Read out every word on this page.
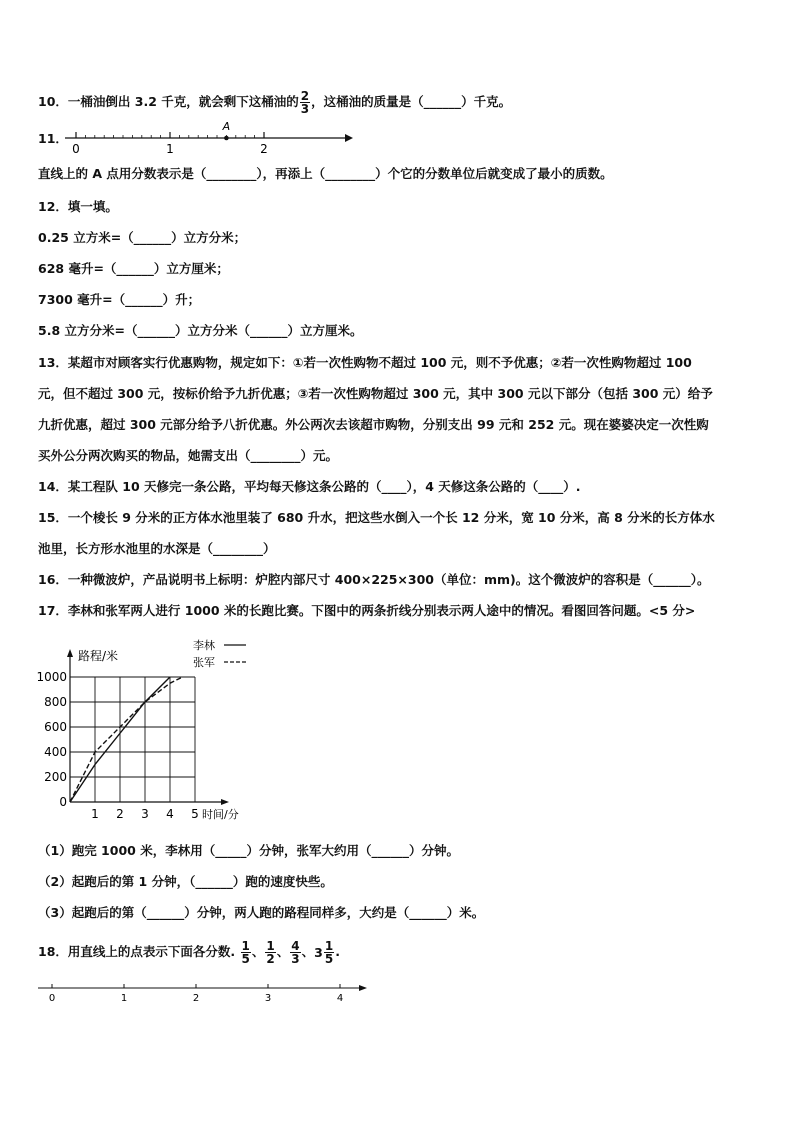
10．一桶油倒出 3.2 千克，就会剩下这桶油的 $\frac{2}{3}$ ，这桶油的质量是（______）千克。
11．
A
0	1	2
直线上的 A 点用分数表示是（________），再添上（________）个它的分数单位后就变成了最小的质数。
12．填一填。
0.25 立方米=（______）立方分米；
628 毫升=（______）立方厘米；
7300 毫升=（______）升；
5.8 立方分米=（______）立方分米（______）立方厘米。
13．某超市对顾客实行优惠购物，规定如下：①若一次性购物不超过 100 元，则不予优惠；②若一次性购物超过 100
元，但不超过 300 元，按标价给予九折优惠；③若一次性购物超过 300 元，其中 300 元以下部分（包括 300 元）给予
九折优惠，超过 300 元部分给予八折优惠。外公两次去该超市购物，分别支出 99 元和 252 元。现在婆婆决定一次性购
买外公分两次购买的物品，她需支出（________）元。
14．某工程队 10 天修完一条公路，平均每天修这条公路的（____），4 天修这条公路的（____）.
15．一个棱长 9 分米的正方体水池里装了 680 升水，把这些水倒入一个长 12 分米，宽 10 分米，高 8 分米的长方体水
池里，长方形水池里的水深是（________）
16．一种微波炉，产品说明书上标明：炉腔内部尺寸 400×225×300（单位：mm)。这个微波炉的容积是（______）。
17．李林和张军两人进行 1000 米的长跑比赛。下图中的两条折线分别表示两人途中的情况。看图回答问题。<5 分>
0
200
400
600
800
1000
1 2 3 4 5
路程/米
时间/分
李林
张军
（1）跑完 1000 米，李林用（_____）分钟，张军大约用（______）分钟。
（2）起跑后的第 1 分钟，（______）跑的速度快些。
（3）起跑后的第（______）分钟，两人跑的路程同样多，大约是（______）米。
18．用直线上的点表示下面各分数. $\frac{1}{5}$ 、 $\frac{1}{2}$ 、 $\frac{4}{3}$ 、 $3 \frac{1}{5}$ .
0	1	2	3	4
